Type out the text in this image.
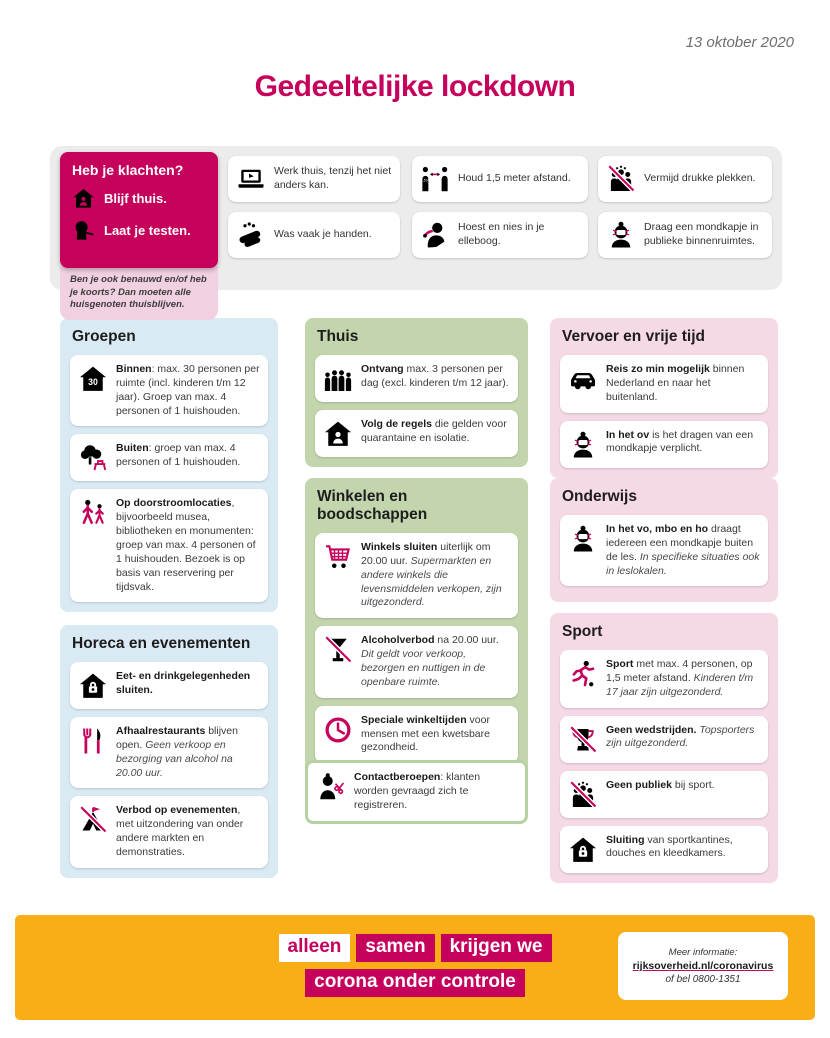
13 oktober 2020
Gedeeltelijke lockdown
Heb je klachten?
Blijf thuis.
Laat je testen.
Ben je ook benauwd en/of heb je koorts? Dan moeten alle huisgenoten thuisblijven.

Werk thuis, tenzij het niet anders kan.

Was vaak je handen.

1,5 M.	Houd 1,5 meter afstand.

Hoest en nies in je elleboog.

Vermijd drukke plekken.

Draag een mondkapje in publieke binnenruimtes.

Groepen
30

Binnen: max. 30 personen per ruimte (incl. kinderen t/m 12 jaar). Groep van max. 4 personen of 1 huishouden.

Buiten: groep van max. 4 personen of 1 huishouden.

Op doorstroomlocaties, bijvoorbeeld musea, bibliotheken en monumenten: groep van max. 4 personen of 1 huishouden. Bezoek is op basis van reservering per tijdsvak.

Horeca en evenementen

Eet- en drinkgelegenheden sluiten.

Afhaalrestaurants blijven open. Geen verkoop en bezorging van alcohol na 20.00 uur.

Verbod op evenementen, met uitzondering van onder andere markten en demonstraties.

Thuis

Ontvang max. 3 personen per dag (excl. kinderen t/m 12 jaar).

Volg de regels die gelden voor quarantaine en isolatie.

Winkelen en boodschappen

Winkels sluiten uiterlijk om 20.00 uur. Supermarkten en andere winkels die levensmiddelen verkopen, zijn uitgezonderd.

Alcoholverbod na 20.00 uur. Dit geldt voor verkoop, bezorgen en nuttigen in de openbare ruimte.

Speciale winkeltijden voor mensen met een kwetsbare gezondheid.

Contactberoepen: klanten worden gevraagd zich te registreren.

Vervoer en vrije tijd

Reis zo min mogelijk binnen Nederland en naar het buitenland.

In het ov is het dragen van een mondkapje verplicht.

Onderwijs

In het vo, mbo en ho draagt iedereen een mondkapje buiten de les. In specifieke situaties ook in leslokalen.

Sport

Sport met max. 4 personen, op 1,5 meter afstand. Kinderen t/m 17 jaar zijn uitgezonderd.

Geen wedstrijden. Topsporters zijn uitgezonderd.

Geen publiek bij sport.

Sluiting van sportkantines, douches en kleedkamers.

alleen	samen	krijgen we
corona onder controle
Meer informatie:
rijksoverheid.nl/coronavirus
of bel 0800-1351
